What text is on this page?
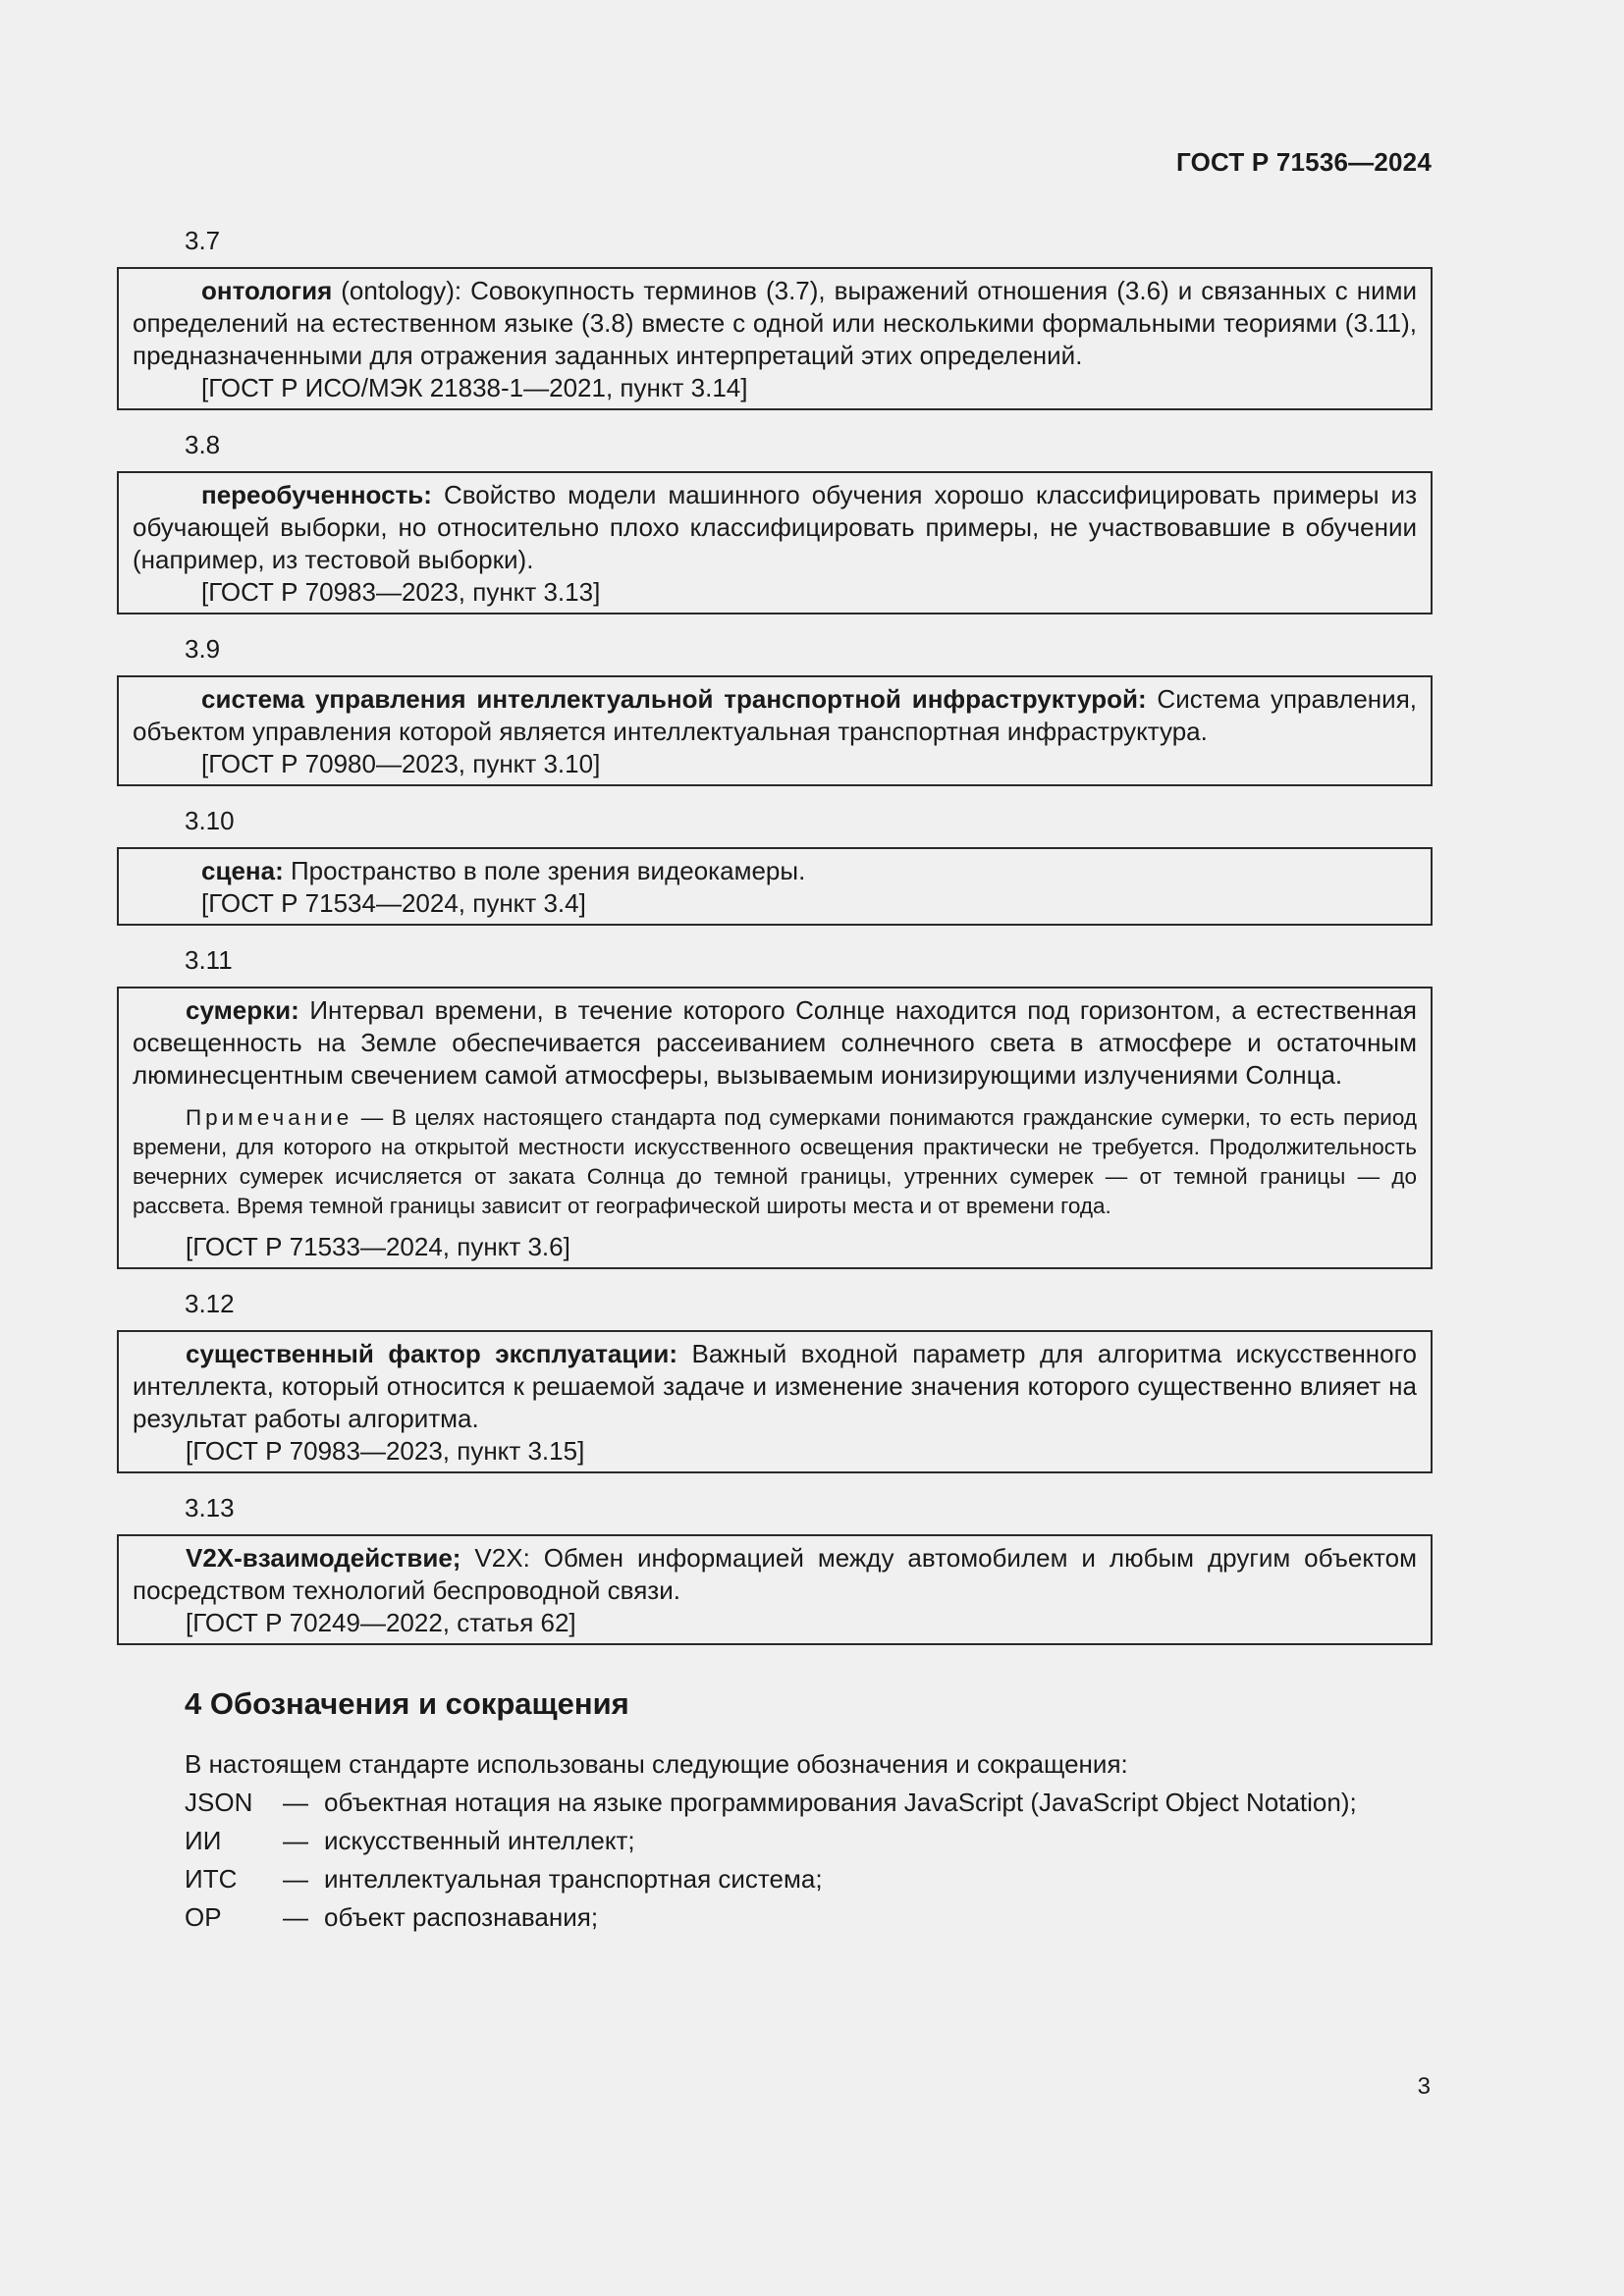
ГОСТ Р 71536—2024
3.7
онтология (ontology): Совокупность терминов (3.7), выражений отношения (3.6) и связанных с ними определений на естественном языке (3.8) вместе с одной или несколькими формальными теориями (3.11), предназначенными для отражения заданных интерпретаций этих определений.
[ГОСТ Р ИСО/МЭК 21838-1—2021, пункт 3.14]
3.8
переобученность: Свойство модели машинного обучения хорошо классифицировать примеры из обучающей выборки, но относительно плохо классифицировать примеры, не участвовавшие в обучении (например, из тестовой выборки).
[ГОСТ Р 70983—2023, пункт 3.13]
3.9
система управления интеллектуальной транспортной инфраструктурой: Система управления, объектом управления которой является интеллектуальная транспортная инфраструктура.
[ГОСТ Р 70980—2023, пункт 3.10]
3.10
сцена: Пространство в поле зрения видеокамеры.
[ГОСТ Р 71534—2024, пункт 3.4]
3.11
сумерки: Интервал времени, в течение которого Солнце находится под горизонтом, а естественная освещенность на Земле обеспечивается рассеиванием солнечного света в атмосфере и остаточным люминесцентным свечением самой атмосферы, вызываемым ионизирующими излучениями Солнца.
Примечание — В целях настоящего стандарта под сумерками понимаются гражданские сумерки, то есть период времени, для которого на открытой местности искусственного освещения практически не требуется. Продолжительность вечерних сумерек исчисляется от заката Солнца до темной границы, утренних сумерек — от темной границы — до рассвета. Время темной границы зависит от географической широты места и от времени года.
[ГОСТ Р 71533—2024, пункт 3.6]
3.12
существенный фактор эксплуатации: Важный входной параметр для алгоритма искусственного интеллекта, который относится к решаемой задаче и изменение значения которого существенно влияет на результат работы алгоритма.
[ГОСТ Р 70983—2023, пункт 3.15]
3.13
V2X-взаимодействие; V2X: Обмен информацией между автомобилем и любым другим объектом посредством технологий беспроводной связи.
[ГОСТ Р 70249—2022, статья 62]
4 Обозначения и сокращения
В настоящем стандарте использованы следующие обозначения и сокращения:
JSON	— объектная нотация на языке программирования JavaScript (JavaScript Object Notation);
ИИ	— искусственный интеллект;
ИТС	— интеллектуальная транспортная система;
ОР	— объект распознавания;
3
